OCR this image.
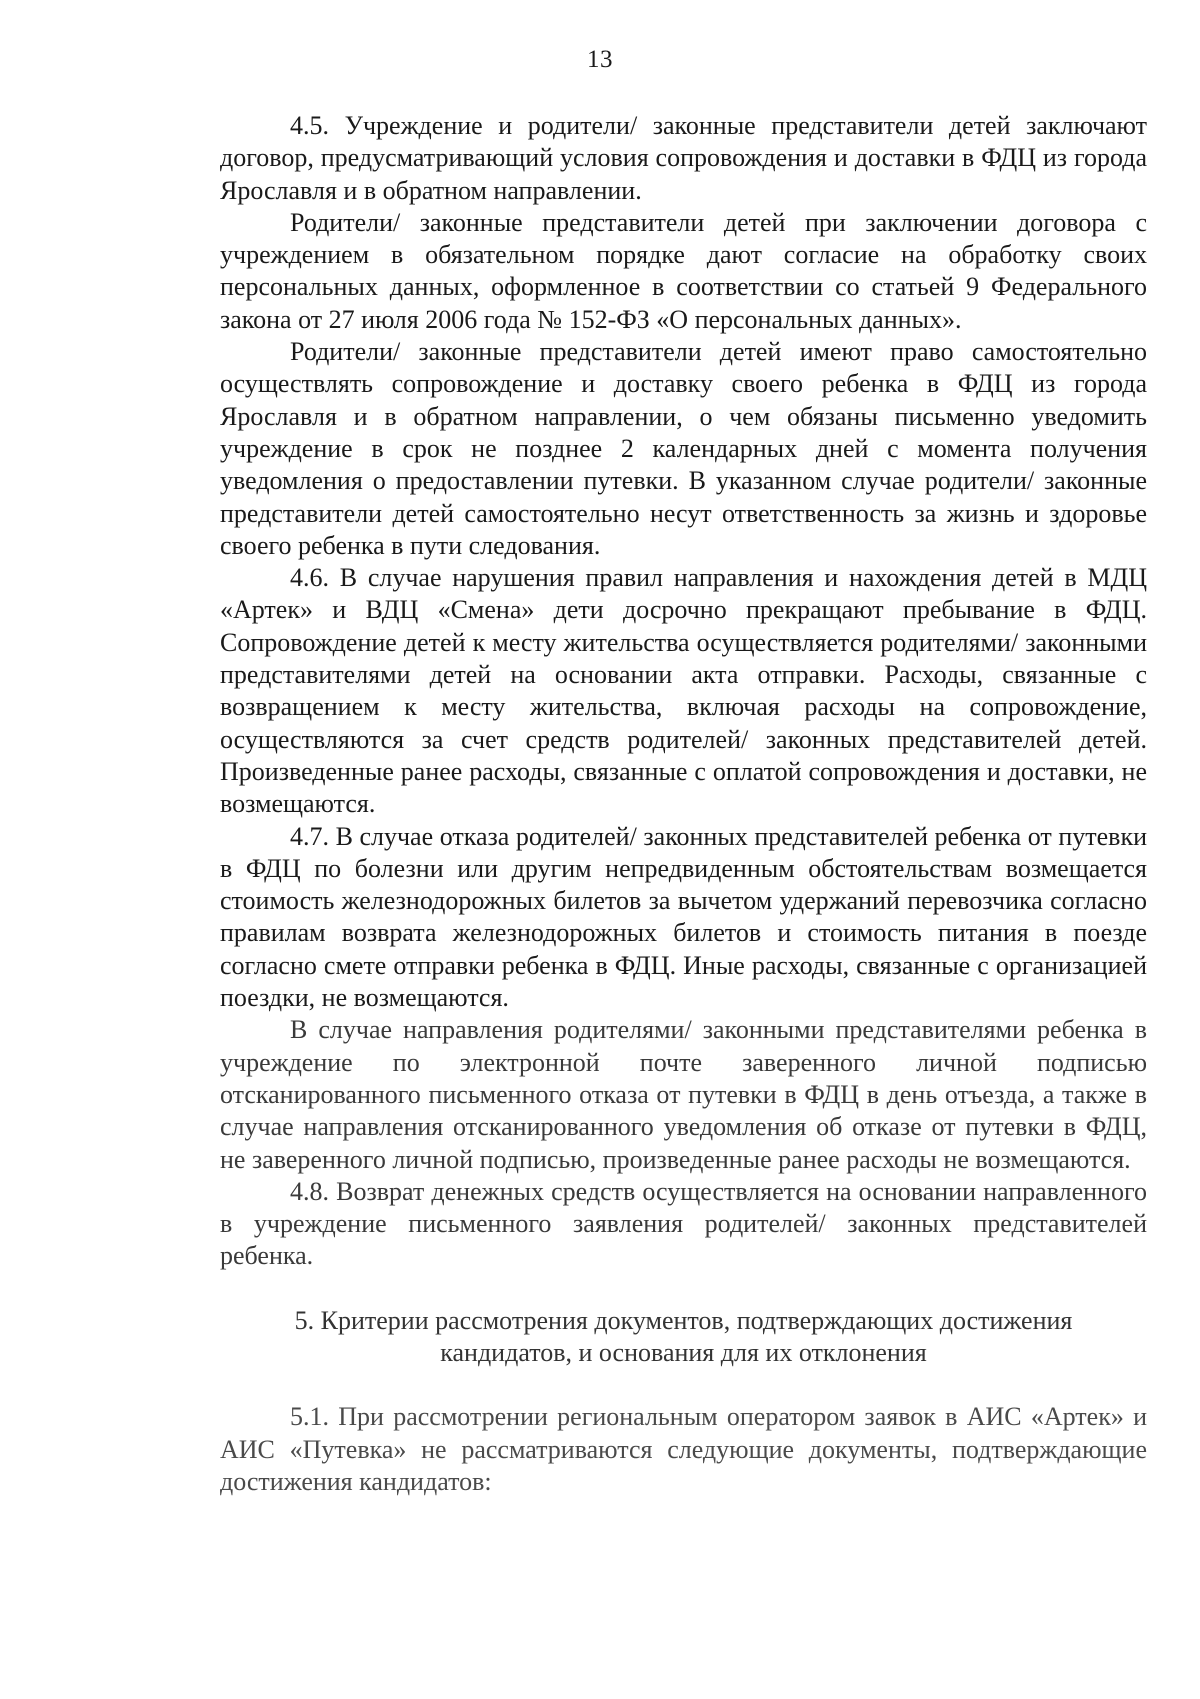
13

4.5. Учреждение и родители/ законные представители детей заключают договор, предусматривающий условия сопровождения и доставки в ФДЦ из города Ярославля и в обратном направлении.

Родители/ законные представители детей при заключении договора с учреждением в обязательном порядке дают согласие на обработку своих персональных данных, оформленное в соответствии со статьей 9 Федерального закона от 27 июля 2006 года № 152-ФЗ «О персональных данных».

Родители/ законные представители детей имеют право самостоятельно осуществлять сопровождение и доставку своего ребенка в ФДЦ из города Ярославля и в обратном направлении, о чем обязаны письменно уведомить учреждение в срок не позднее 2 календарных дней с момента получения уведомления о предоставлении путевки. В указанном случае родители/ законные представители детей самостоятельно несут ответственность за жизнь и здоровье своего ребенка в пути следования.

4.6. В случае нарушения правил направления и нахождения детей в МДЦ «Артек» и ВДЦ «Смена» дети досрочно прекращают пребывание в ФДЦ. Сопровождение детей к месту жительства осуществляется родителями/ законными представителями детей на основании акта отправки. Расходы, связанные с возвращением к месту жительства, включая расходы на сопровождение, осуществляются за счет средств родителей/ законных представителей детей. Произведенные ранее расходы, связанные с оплатой сопровождения и доставки, не возмещаются.

4.7. В случае отказа родителей/ законных представителей ребенка от путевки в ФДЦ по болезни или другим непредвиденным обстоятельствам возмещается стоимость железнодорожных билетов за вычетом удержаний перевозчика согласно правилам возврата железнодорожных билетов и стоимость питания в поезде согласно смете отправки ребенка в ФДЦ. Иные расходы, связанные с организацией поездки, не возмещаются.

В случае направления родителями/ законными представителями ребенка в учреждение по электронной почте заверенного личной подписью отсканированного письменного отказа от путевки в ФДЦ в день отъезда, а также в случае направления отсканированного уведомления об отказе от путевки в ФДЦ, не заверенного личной подписью, произведенные ранее расходы не возмещаются.

4.8. Возврат денежных средств осуществляется на основании направленного в учреждение письменного заявления родителей/ законных представителей ребенка.

5. Критерии рассмотрения документов, подтверждающих достижения кандидатов, и основания для их отклонения

5.1. При рассмотрении региональным оператором заявок в АИС «Артек» и АИС «Путевка» не рассматриваются следующие документы, подтверждающие достижения кандидатов:
